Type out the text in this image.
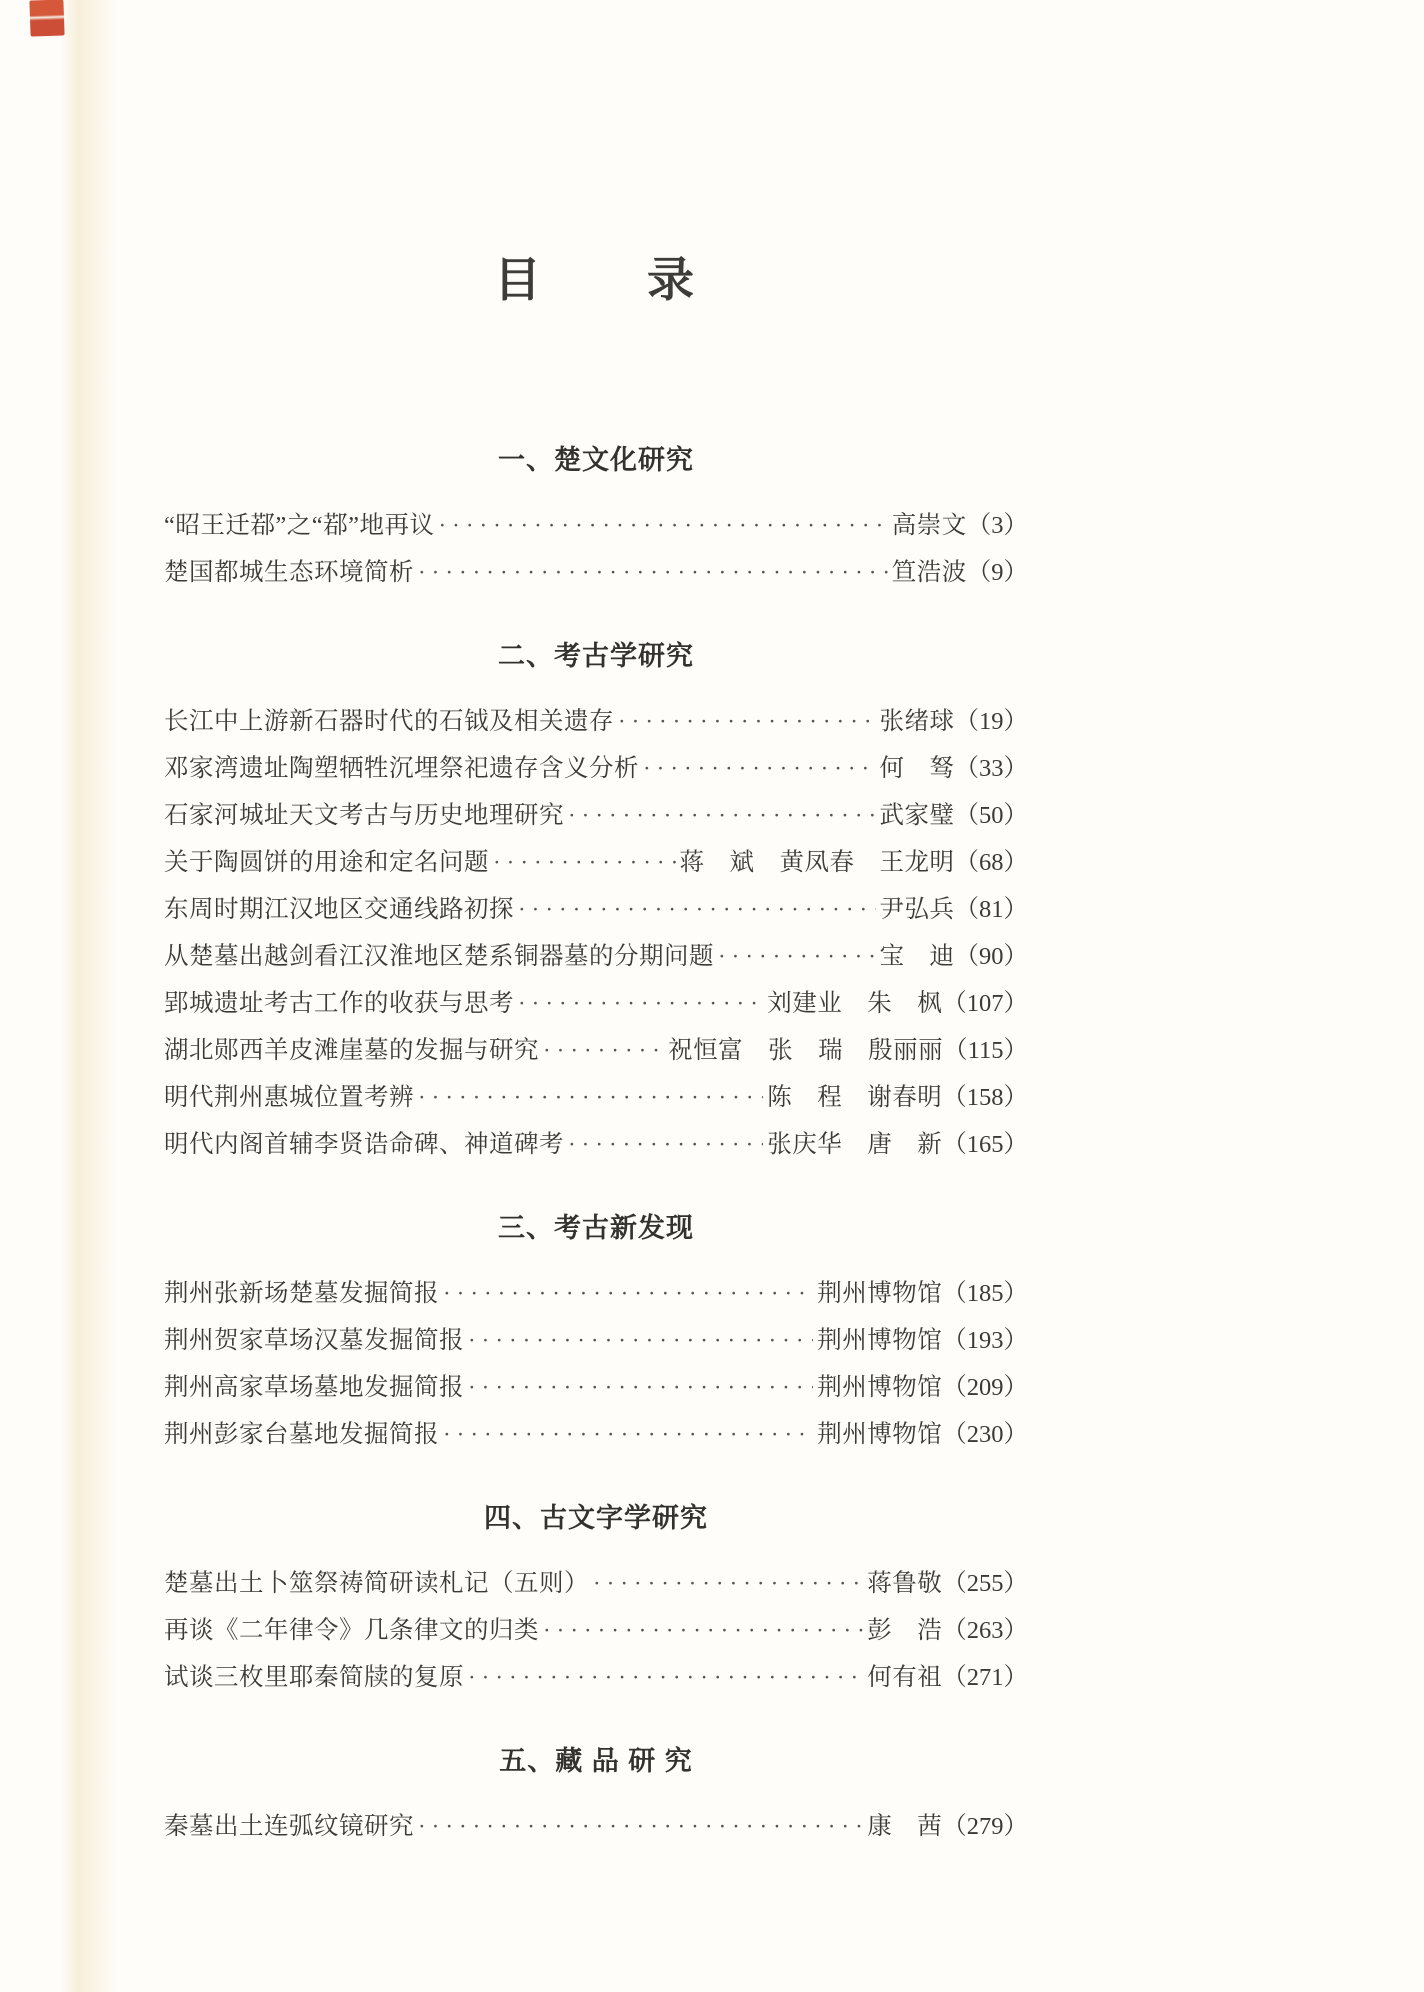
目　　录
一、楚文化研究
“昭王迁鄀”之“鄀”地再议 ·····	高崇文（3）
楚国都城生态环境简析 ·····	笪浩波（9）
二、考古学研究
长江中上游新石器时代的石钺及相关遗存 ·····	张绪球（19）
邓家湾遗址陶塑牺牲沉埋祭祀遗存含义分析 ·····	何　驽（33）
石家河城址天文考古与历史地理研究 ·····	武家璧（50）
关于陶圆饼的用途和定名问题 ·····	蒋　斌　黄凤春　王龙明（68）
东周时期江汉地区交通线路初探 ·····	尹弘兵（81）
从楚墓出越剑看江汉淮地区楚系铜器墓的分期问题 ·····	宝　迪（90）
郢城遗址考古工作的收获与思考 ·····	刘建业　朱　枫（107）
湖北郧西羊皮滩崖墓的发掘与研究 ·····	祝恒富　张　瑞　殷丽丽（115）
明代荆州惠城位置考辨 ·····	陈　程　谢春明（158）
明代内阁首辅李贤诰命碑、神道碑考 ·····	张庆华　唐　新（165）
三、考古新发现
荆州张新场楚墓发掘简报 ·····	荆州博物馆（185）
荆州贺家草场汉墓发掘简报 ·····	荆州博物馆（193）
荆州高家草场墓地发掘简报 ·····	荆州博物馆（209）
荆州彭家台墓地发掘简报 ·····	荆州博物馆（230）
四、古文字学研究
楚墓出土卜筮祭祷简研读札记（五则） ·····	蒋鲁敬（255）
再谈《二年律令》几条律文的归类 ·····	彭　浩（263）
试谈三枚里耶秦简牍的复原 ·····	何有祖（271）
五、藏 品 研 究
秦墓出土连弧纹镜研究 ·····	康　茜（279）
